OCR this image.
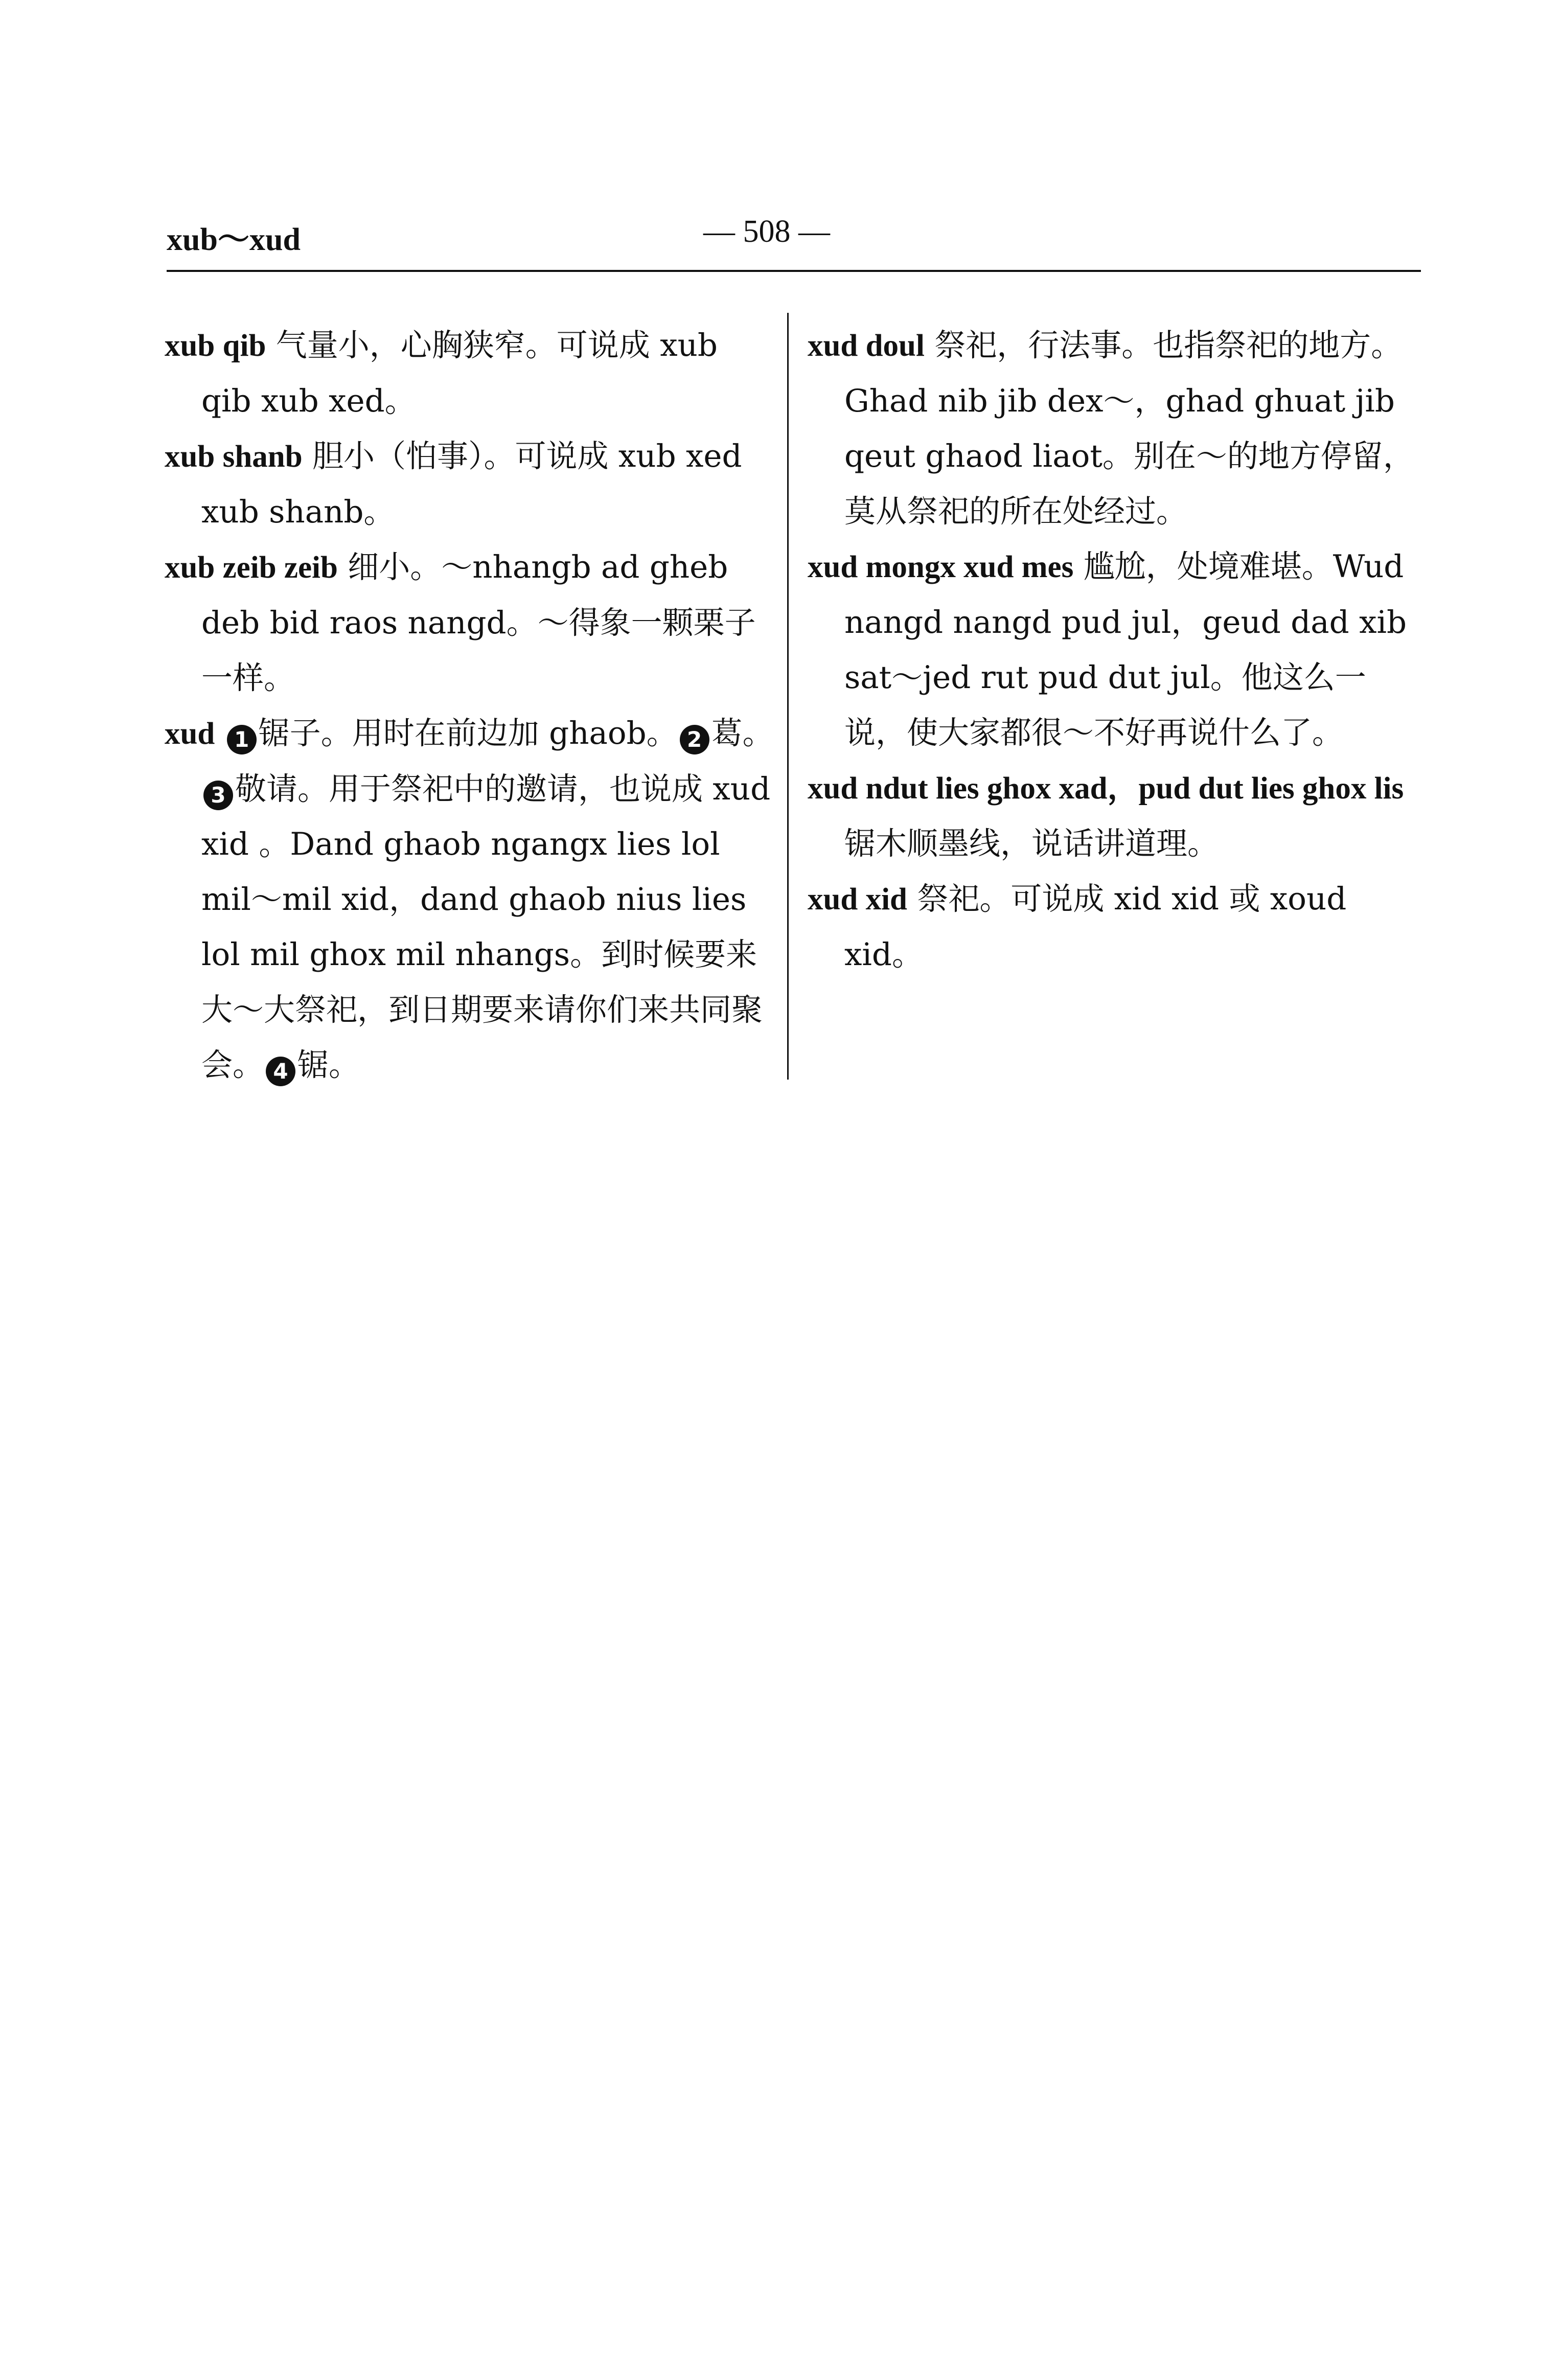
xub～xud	— 508 —

xub qib 气量小，心胸狭窄。可说成 xub qib xub xed。

xub shanb 胆小（怕事）。可说成 xub xed xub shanb。

xub zeib zeib 细小。～nhangb ad gheb deb bid raos nangd。～得象一颗栗子一样。

xud 1 锯子。用时在前边加 ghaob。 2 葛。3 敬请。用于祭祀中的邀请，也说成 xud xid 。Dand ghaob ngangx lies lol mil～mil xid，dand ghaob nius lies lol mil ghox mil nhangs。到时候要来大～大祭祀，到日期要来请你们来共同聚会。 4 锯。

xud doul 祭祀，行法事。也指祭祀的地方。Ghad nib jib dex～，ghad ghuat jib qeut ghaod liaot。别在～的地方停留，莫从祭祀的所在处经过。

xud mongx xud mes 尴尬，处境难堪。Wud nangd nangd pud jul，geud dad xib sat～jed rut pud dut jul。他这么一说，使大家都很～不好再说什么了。

xud ndut lies ghox xad，pud dut lies ghox lis 锯木顺墨线，说话讲道理。

xud xid 祭祀。可说成 xid xid 或 xoud xid。
